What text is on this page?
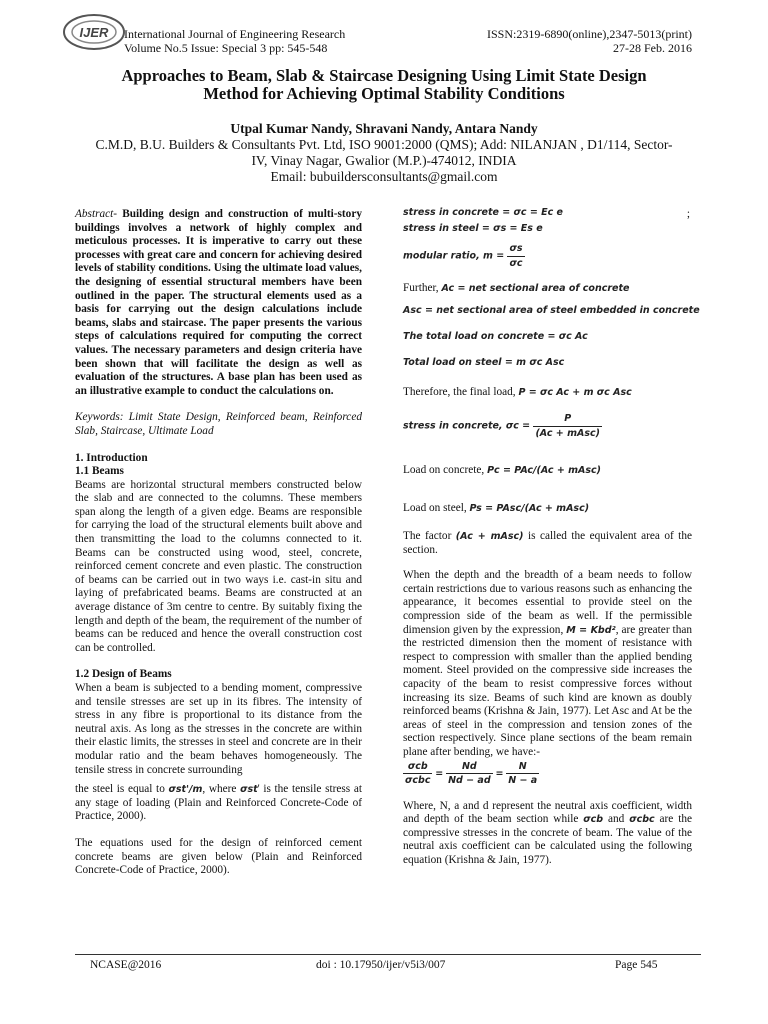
IJER International Journal of Engineering Research
Volume No.5 Issue: Special 3 pp: 545-548
ISSN:2319-6890(online),2347-5013(print)
27-28 Feb. 2016
Approaches to Beam, Slab & Staircase Designing Using Limit State Design
Method for Achieving Optimal Stability Conditions
Utpal Kumar Nandy, Shravani Nandy, Antara Nandy
C.M.D, B.U. Builders & Consultants Pvt. Ltd, ISO 9001:2000 (QMS); Add: NILANJAN , D1/114, Sector-
IV, Vinay Nagar, Gwalior (M.P.)-474012, INDIA
Email: bubuildersconsultants@gmail.com

Abstract- Building design and construction of multi-story buildings involves a network of highly complex and meticulous processes. It is imperative to carry out these processes with great care and concern for achieving desired levels of stability conditions. Using the ultimate load values, the designing of essential structural members have been outlined in the paper. The structural elements used as a basis for carrying out the design calculations include beams, slabs and staircase. The paper presents the various steps of calculations required for computing the correct values. The necessary parameters and design criteria have been shown that will facilitate the design as well as evaluation of the structures. A base plan has been used as an illustrative example to conduct the calculations on.

Keywords: Limit State Design, Reinforced beam, Reinforced Slab, Staircase, Ultimate Load

1. Introduction

1.1 Beams

Beams are horizontal structural members constructed below the slab and are connected to the columns. These members span along the length of a given edge. Beams are responsible for carrying the load of the structural elements built above and then transmitting the load to the columns connected to it. Beams can be constructed using wood, steel, concrete, reinforced cement concrete and even plastic. The construction of beams can be carried out in two ways i.e. cast-in situ and laying of prefabricated beams. Beams are constructed at an average distance of 3m centre to centre. By suitably fixing the length and depth of the beam, the requirement of the number of beams can be reduced and hence the overall construction cost can be controlled.

1.2 Design of Beams

When a beam is subjected to a bending moment, compressive and tensile stresses are set up in its fibres. The intensity of stress in any fibre is proportional to its distance from the neutral axis. As long as the stresses in the concrete are within their elastic limits, the stresses in steel and concrete are in their modular ratio and the beam behaves homogeneously. The tensile stress in concrete surrounding

the steel is equal to σst'/m, where σst' is the tensile stress at any stage of loading (Plain and Reinforced Concrete-Code of Practice, 2000).

The equations used for the design of reinforced cement concrete beams are given below (Plain and Reinforced Concrete-Code of Practice, 2000).

stress in concrete = σc = Ec e	;
stress in steel = σs = Es e
modular ratio, $m = \frac{\sigma s}{\sigma c}$
Further, Ac = net sectional area of concrete
Asc = net sectional area of steel embedded in concrete
The total load on concrete = σc Ac
Total load on steel = m σc Asc
Therefore, the final load, P = σc Ac + m σc Asc
stress in concrete, $\sigma c = \frac{P}{\text{(Ac + mAsc)}}$
Load on concrete, Pc = PAc/(Ac + mAsc)
Load on steel, Ps = PAsc/(Ac + mAsc)

The factor (Ac + mAsc) is called the equivalent area of the section.

When the depth and the breadth of a beam needs to follow certain restrictions due to various reasons such as enhancing the appearance, it becomes essential to provide steel on the compression side of the beam as well. If the permissible dimension given by the expression, M = Kbd², are greater than the restricted dimension then the moment of resistance with respect to compression with smaller than the applied bending moment. Steel provided on the compressive side increases the capacity of the beam to resist compressive forces without increasing its size. Beams of such kind are known as doubly reinforced beams (Krishna & Jain, 1977). Let Asc and At be the areas of steel in the compression and tension zones of the section respectively. Since plane sections of the beam remain plane after bending, we have:-

$\frac{\text{σcb}}{\text{σcbc}} = \frac{Nd}{Nd - ad} = \frac{N}{N - a}$

Where, N, a and d represent the neutral axis coefficient, width and depth of the beam section while σcb and σcbc are the compressive stresses in the concrete of beam. The value of the neutral axis coefficient can be calculated using the following equation (Krishna & Jain, 1977).

NCASE@2016	doi : 10.17950/ijer/v5i3/007	Page 545
